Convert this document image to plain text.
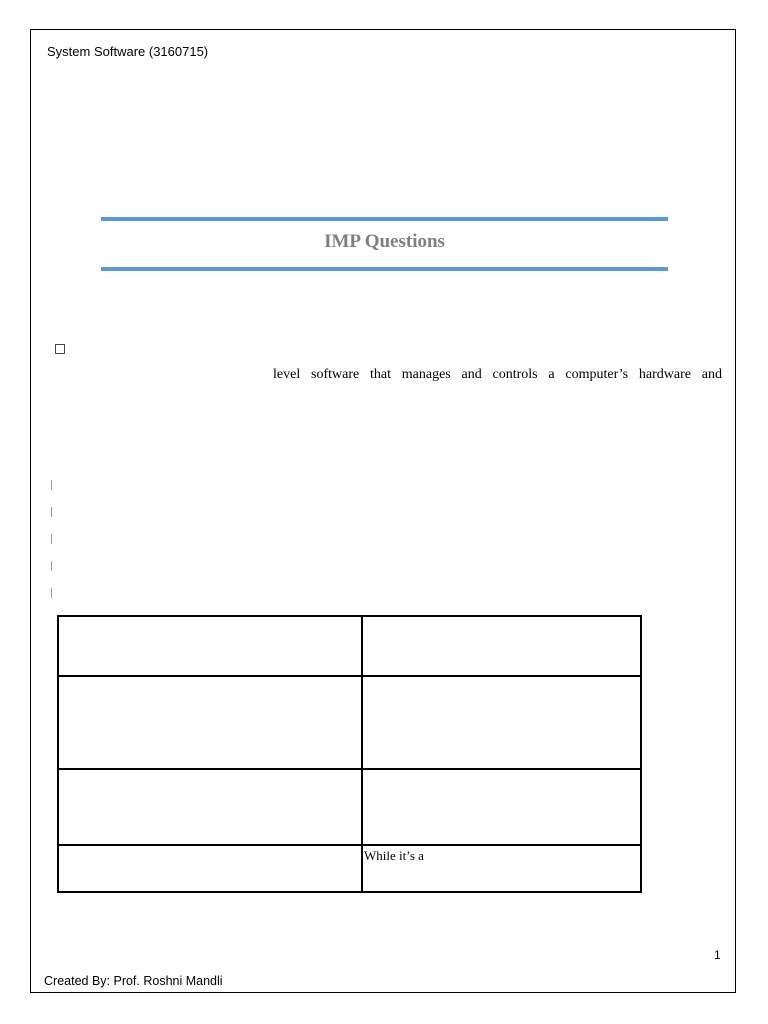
System Software (3160715)
IMP Questions
level software that manages and controls a computer’s hardware and

	While it’s a
1
Created By: Prof. Roshni Mandli
